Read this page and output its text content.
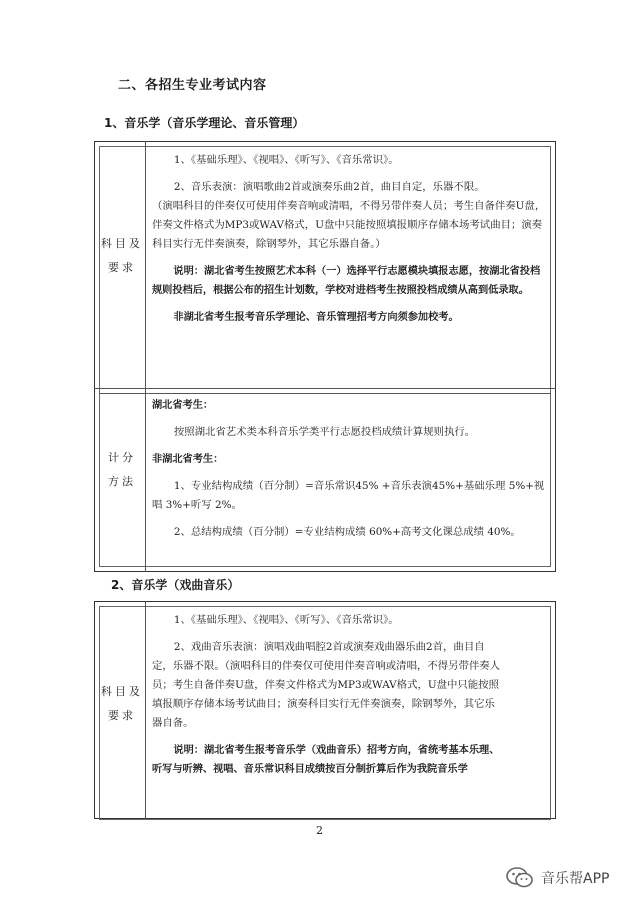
二、各招生专业考试内容
1、音乐学（音乐学理论、音乐管理）
科目及
要求

1、《基础乐理》、《视唱》、《听写》、《音乐常识》。

2、音乐表演：演唱歌曲2首或演奏乐曲2首，曲目自定，乐器不限。

（演唱科目的伴奏仅可使用伴奏音响或清唱，不得另带伴奏人员；考生自备伴奏U盘，伴奏文件格式为MP3或WAV格式，U盘中只能按照填报顺序存储本场考试曲目；演奏科目实行无伴奏演奏，除钢琴外，其它乐器自备。）

说明：湖北省考生按照艺术本科（一）选择平行志愿模块填报志愿，按湖北省投档规则投档后，根据公布的招生计划数，学校对进档考生按照投档成绩从高到低录取。

非湖北省考生报考音乐学理论、音乐管理招考方向须参加校考。

计分
方法

湖北省考生：

按照湖北省艺术类本科音乐学类平行志愿投档成绩计算规则执行。

非湖北省考生：

1、专业结构成绩（百分制）=音乐常识45% +音乐表演45%+基础乐理 5%+视唱 3%+听写 2%。

2、总结构成绩（百分制）=专业结构成绩 60%+高考文化课总成绩 40%。

2、音乐学（戏曲音乐）
科目及
要求

1、《基础乐理》、《视唱》、《听写》、《音乐常识》。

2、戏曲音乐表演：演唱戏曲唱腔2首或演奏戏曲器乐曲2首，曲目自定，乐器不限。（演唱科目的伴奏仅可使用伴奏音响或清唱，不得另带伴奏人员；考生自备伴奏U盘，伴奏文件格式为MP3或WAV格式，U盘中只能按照填报顺序存储本场考试曲目；演奏科目实行无伴奏演奏，除钢琴外，其它乐器自备。

说明：湖北省考生报考音乐学（戏曲音乐）招考方向，省统考基本乐理、听写与听辨、视唱、音乐常识科目成绩按百分制折算后作为我院音乐学

2
音乐帮APP
